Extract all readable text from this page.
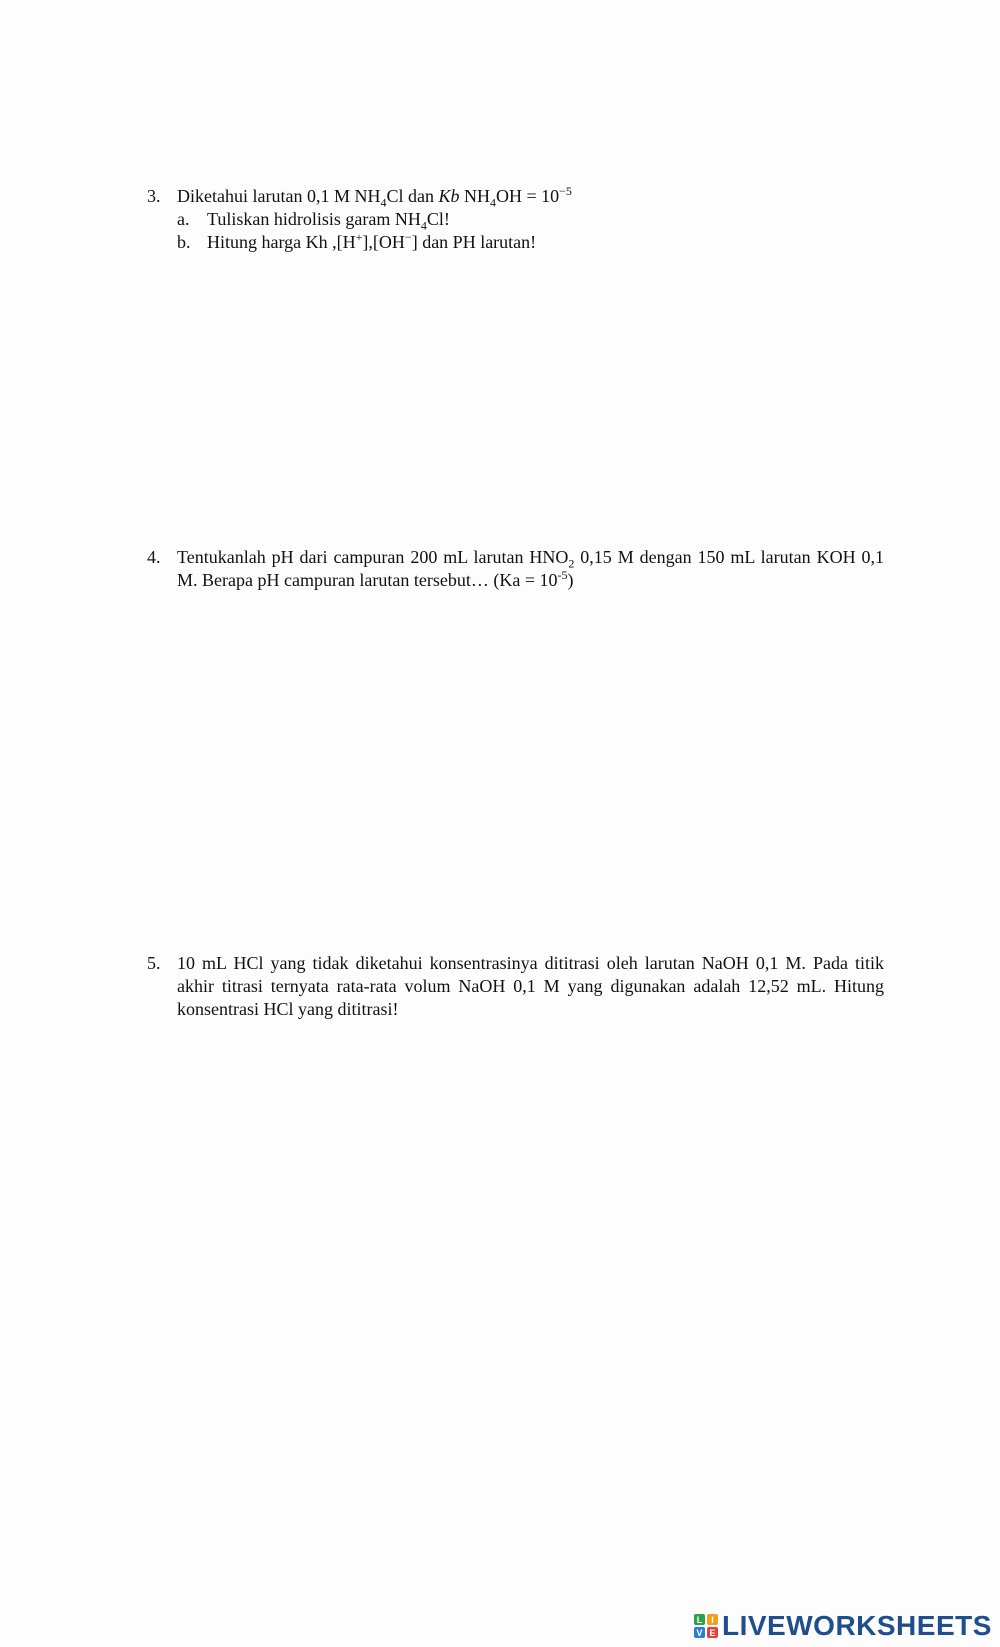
3. Diketahui larutan 0,1 M $NH_4Cl$ dan Kb $NH_4OH = 10^{-5}$
a. Tuliskan hidrolisis garam $NH_4Cl$!
b. Hitung harga Kh ,[H+],[OH−] dan PH larutan!
4. Tentukanlah pH dari campuran 200 mL larutan $HNO_2$ 0,15 M dengan 150 mL larutan KOH 0,1 M. Berapa pH campuran larutan tersebut… $(Ka = 10^{-5})$
5. 10 mL HCl yang tidak diketahui konsentrasinya dititrasi oleh larutan NaOH 0,1 M. Pada titik akhir titrasi ternyata rata-rata volum NaOH 0,1 M yang digunakan adalah 12,52 mL. Hitung konsentrasi HCl yang dititrasi!
L I
V E LIVEWORKSHEETS
